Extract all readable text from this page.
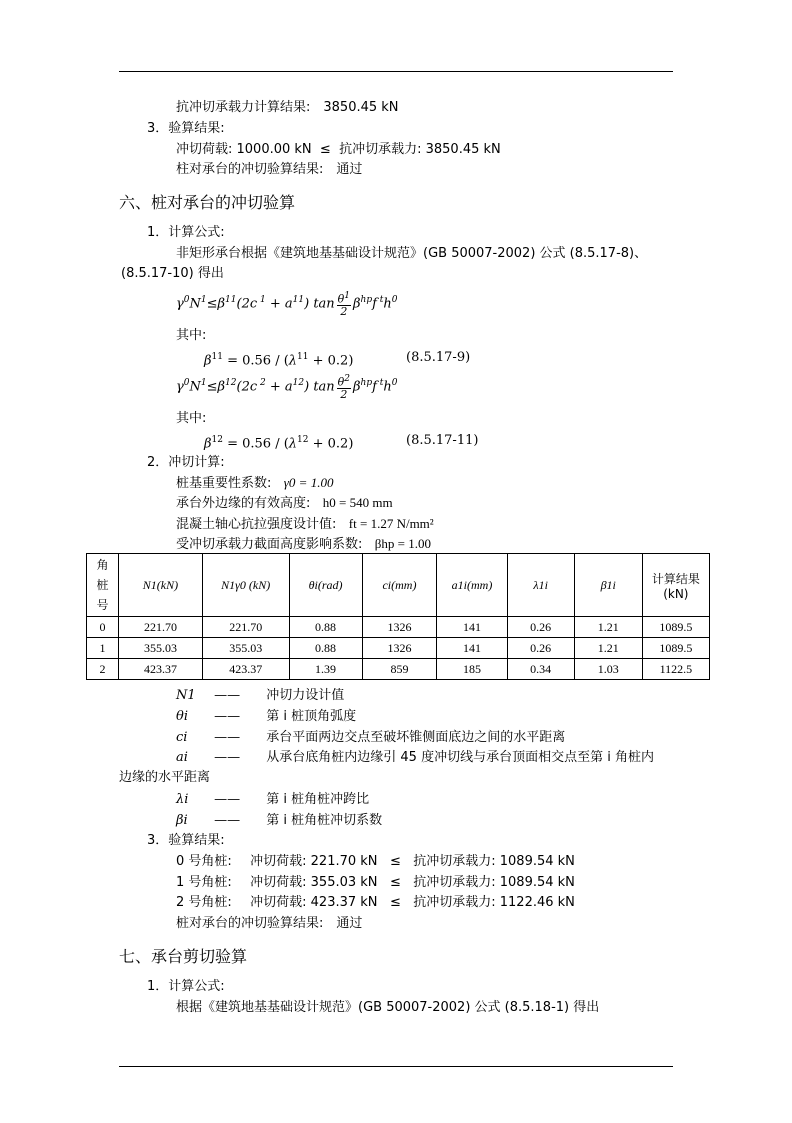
抗冲切承载力计算结果:　3850.45 kN
3．验算结果:
冲切荷载: 1000.00 kN ≤ 抗冲切承载力: 3850.45 kN
柱对承台的冲切验算结果:　通过
六、桩对承台的冲切验算
1．计算公式:
非矩形承台根据《建筑地基基础设计规范》(GB 50007-2002) 公式 (8.5.17-8)、
(8.5.17-10) 得出
$\gamma^0N^1\le\beta^{11}(2c$ $^1 + a^{11}$) $\tan \frac{\theta^1}{2} \beta^{hp}f$ $^th^0$
其中:
$\beta^{11} = 0.56 / (\lambda^{11} + 0.2)$	(8.5.17-9)
$\gamma^0N^1\le\beta^{12}(2c$ $^2 + a^{12}$) $\tan \frac{\theta^2}{2} \beta^{hp}f$ $^th^0$
其中:
$\beta^{12} = 0.56 / (\lambda^{12} + 0.2)$	(8.5.17-11)
2．冲切计算:
桩基重要性系数: γ0 = 1.00
承台外边缘的有效高度: h0 = 540 mm
混凝土轴心抗拉强度设计值: ft = 1.27 N/mm²
受冲切承载力截面高度影响系数: βhp = 1.00
角桩号	N1(kN)	N1γ0 (kN)	θi(rad)	ci(mm)	a1i(mm)	λ1i	β1i	计算结果 (kN)
0	221.70	221.70	0.88	1326	141	0.26	1.21	1089.5
1	355.03	355.03	0.88	1326	141	0.26	1.21	1089.5
2	423.37	423.37	1.39	859	185	0.34	1.03	1122.5
N1 —— 冲切力设计值
θi —— 第 i 桩顶角弧度
ci —— 承台平面两边交点至破坏锥侧面底边之间的水平距离
ai —— 从承台底角桩内边缘引 45 度冲切线与承台顶面相交点至第 i 角桩内
边缘的水平距离
λi —— 第 i 桩角桩冲跨比
βi —— 第 i 桩角桩冲切系数
3．验算结果:
0 号角桩: 冲切荷载: 221.70 kN ≤ 抗冲切承载力: 1089.54 kN
1 号角桩: 冲切荷载: 355.03 kN ≤ 抗冲切承载力: 1089.54 kN
2 号角桩: 冲切荷载: 423.37 kN ≤ 抗冲切承载力: 1122.46 kN
桩对承台的冲切验算结果:　通过
七、承台剪切验算
1．计算公式:
根据《建筑地基基础设计规范》(GB 50007-2002) 公式 (8.5.18-1) 得出
